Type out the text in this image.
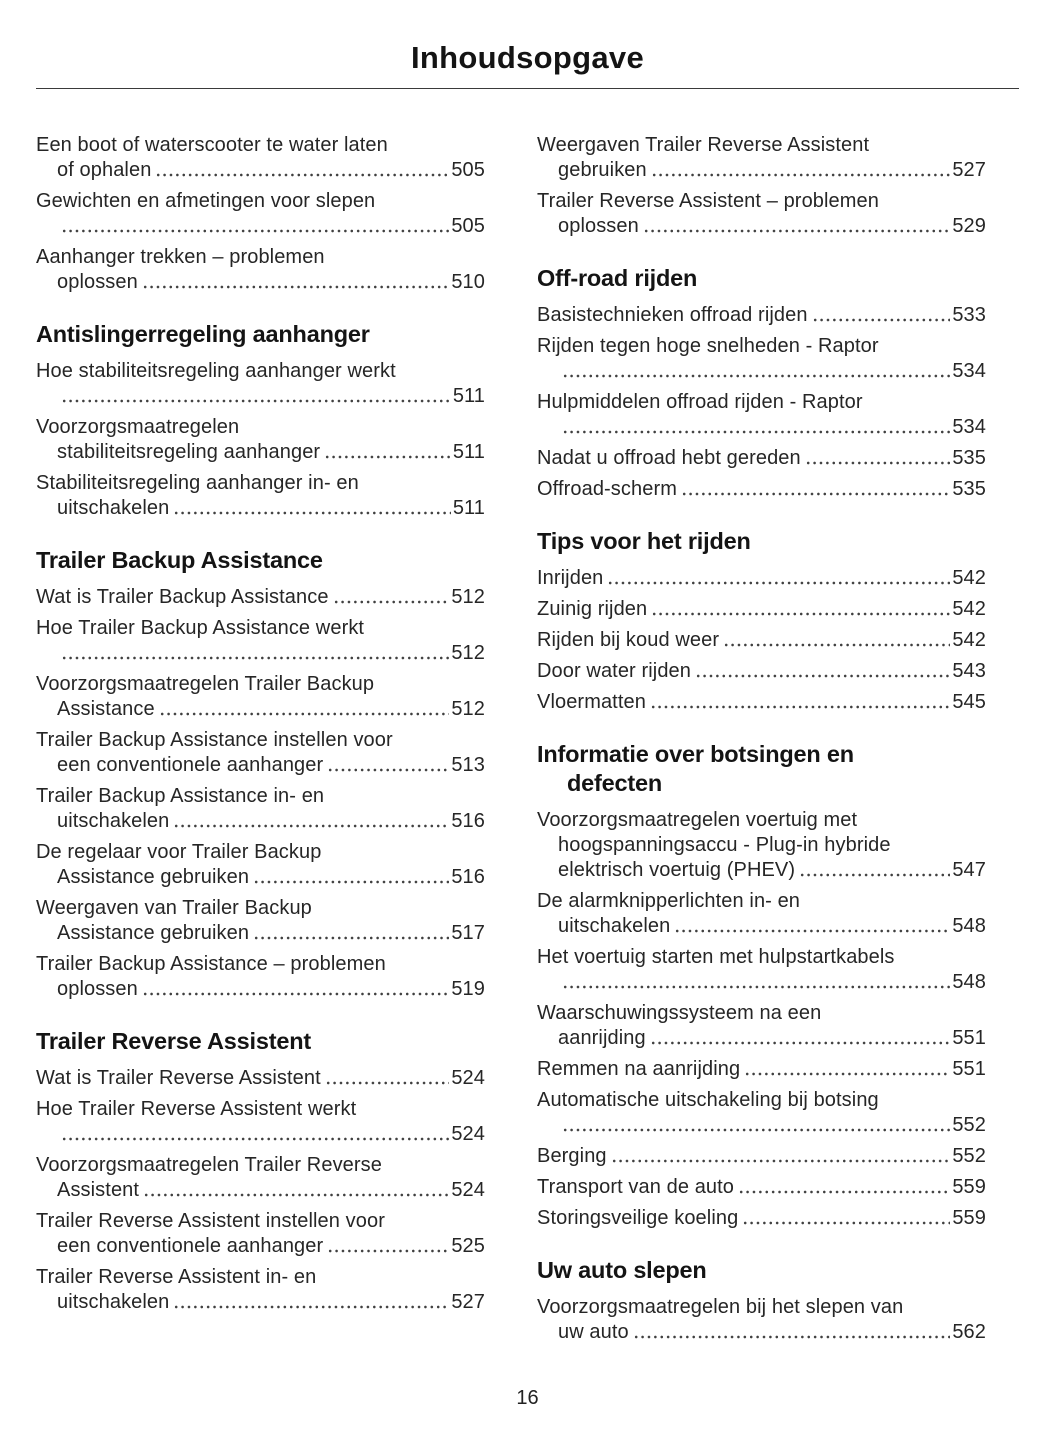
Inhoudsopgave
Een boot of waterscooter te water laten
of ophalen	505
Gewichten en afmetingen voor slepen
505
Aanhanger trekken – problemen
oplossen	510
Antislingerregeling aanhanger
Hoe stabiliteitsregeling aanhanger werkt
511
Voorzorgsmaatregelen
stabiliteitsregeling aanhanger	511
Stabiliteitsregeling aanhanger in- en
uitschakelen	511
Trailer Backup Assistance
Wat is Trailer Backup Assistance	512
Hoe Trailer Backup Assistance werkt
512
Voorzorgsmaatregelen Trailer Backup
Assistance	512
Trailer Backup Assistance instellen voor
een conventionele aanhanger	513
Trailer Backup Assistance in- en
uitschakelen	516
De regelaar voor Trailer Backup
Assistance gebruiken	516
Weergaven van Trailer Backup
Assistance gebruiken	517
Trailer Backup Assistance – problemen
oplossen	519
Trailer Reverse Assistent
Wat is Trailer Reverse Assistent	524
Hoe Trailer Reverse Assistent werkt
524
Voorzorgsmaatregelen Trailer Reverse
Assistent	524
Trailer Reverse Assistent instellen voor
een conventionele aanhanger	525
Trailer Reverse Assistent in- en
uitschakelen	527
Weergaven Trailer Reverse Assistent
gebruiken	527
Trailer Reverse Assistent – problemen
oplossen	529
Off-road rijden
Basistechnieken offroad rijden	533
Rijden tegen hoge snelheden - Raptor
534
Hulpmiddelen offroad rijden - Raptor
534
Nadat u offroad hebt gereden	535
Offroad-scherm	535
Tips voor het rijden
Inrijden	542
Zuinig rijden	542
Rijden bij koud weer	542
Door water rijden	543
Vloermatten	545
Informatie over botsingen en
defecten
Voorzorgsmaatregelen voertuig met
hoogspanningsaccu - Plug-in hybride
elektrisch voertuig (PHEV)	547
De alarmknipperlichten in- en
uitschakelen	548
Het voertuig starten met hulpstartkabels
548
Waarschuwingssysteem na een
aanrijding	551
Remmen na aanrijding	551
Automatische uitschakeling bij botsing
552
Berging	552
Transport van de auto	559
Storingsveilige koeling	559
Uw auto slepen
Voorzorgsmaatregelen bij het slepen van
uw auto	562
16
